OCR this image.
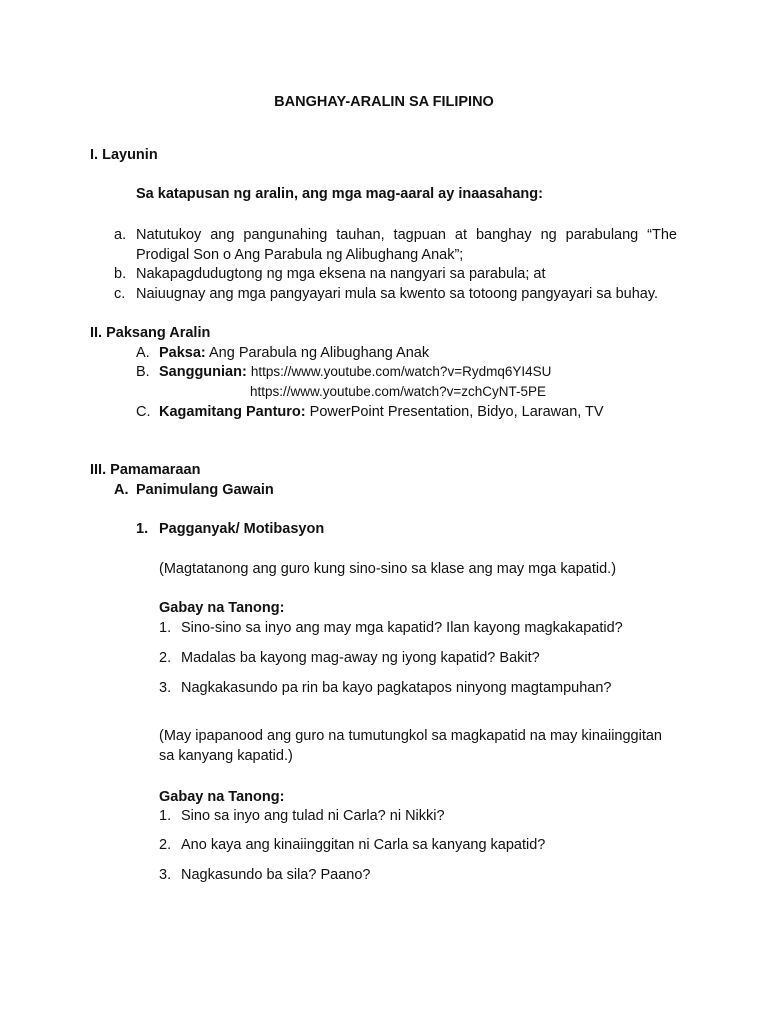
BANGHAY-ARALIN SA FILIPINO
I. Layunin
Sa katapusan ng aralin, ang mga mag-aaral ay inaasahang:
a. Natutukoy ang pangunahing tauhan, tagpuan at banghay ng parabulang “The
Prodigal Son o Ang Parabula ng Alibughang Anak”;
b. Nakapagdudugtong ng mga eksena na nangyari sa parabula; at
c. Naiuugnay ang mga pangyayari mula sa kwento sa totoong pangyayari sa buhay.
II. Paksang Aralin
A. Paksa: Ang Parabula ng Alibughang Anak
B. Sanggunian: https://www.youtube.com/watch?v=Rydmq6YI4SU
https://www.youtube.com/watch?v=zchCyNT-5PE
C. Kagamitang Panturo: PowerPoint Presentation, Bidyo, Larawan, TV
III. Pamamaraan
A. Panimulang Gawain
1. Pagganyak/ Motibasyon
(Magtatanong ang guro kung sino-sino sa klase ang may mga kapatid.)
Gabay na Tanong:
1. Sino-sino sa inyo ang may mga kapatid? Ilan kayong magkakapatid?
2. Madalas ba kayong mag-away ng iyong kapatid? Bakit?
3. Nagkakasundo pa rin ba kayo pagkatapos ninyong magtampuhan?
(May ipapanood ang guro na tumutungkol sa magkapatid na may kinaiinggitan
sa kanyang kapatid.)
Gabay na Tanong:
1. Sino sa inyo ang tulad ni Carla? ni Nikki?
2. Ano kaya ang kinaiinggitan ni Carla sa kanyang kapatid?
3. Nagkasundo ba sila? Paano?
